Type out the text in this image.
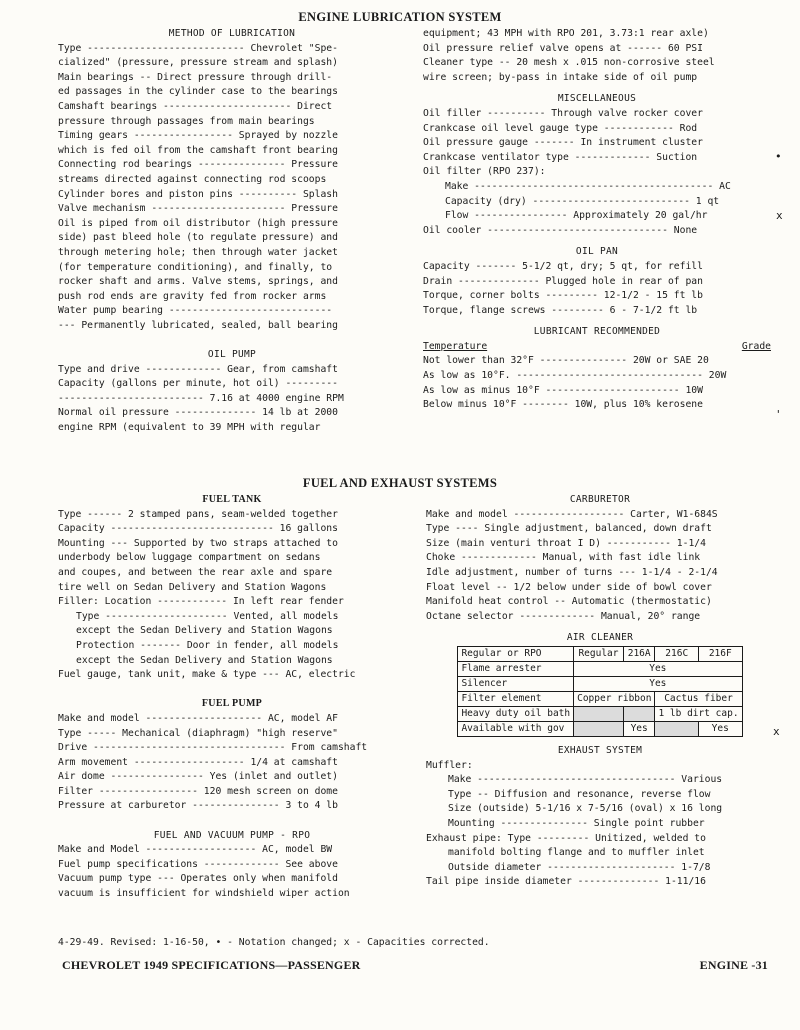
ENGINE LUBRICATION SYSTEM
METHOD OF LUBRICATION
Type --------------------------- Chevrolet "Spe-
cialized" (pressure, pressure stream and splash)
Main bearings -- Direct pressure through drill-
ed passages in the cylinder case to the bearings
Camshaft bearings ---------------------- Direct
pressure through passages from main bearings
Timing gears ----------------- Sprayed by nozzle
which is fed oil from the camshaft front bearing
Connecting rod bearings --------------- Pressure
streams directed against connecting rod scoops
Cylinder bores and piston pins ---------- Splash
Valve mechanism ----------------------- Pressure
Oil is piped from oil distributor (high pressure
side) past bleed hole (to regulate pressure) and
through metering hole; then through water jacket
(for temperature conditioning), and finally, to
rocker shaft and arms. Valve stems, springs, and
push rod ends are gravity fed from rocker arms
Water pump bearing ----------------------------
--- Permanently lubricated, sealed, ball bearing
OIL PUMP
Type and drive ------------- Gear, from camshaft
Capacity (gallons per minute, hot oil) ---------
------------------------- 7.16 at 4000 engine RPM
Normal oil pressure -------------- 14 lb at 2000
engine RPM (equivalent to 39 MPH with regular
equipment; 43 MPH with RPO 201, 3.73:1 rear axle)
Oil pressure relief valve opens at ------ 60 PSI
Cleaner type -- 20 mesh x .015 non-corrosive steel
wire screen; by-pass in intake side of oil pump
MISCELLANEOUS
Oil filler ---------- Through valve rocker cover
Crankcase oil level gauge type ------------ Rod
Oil pressure gauge ------- In instrument cluster
Crankcase ventilator type ------------- Suction
Oil filter (RPO 237):
Make ----------------------------------------- AC
Capacity (dry) --------------------------- 1 qt
Flow ---------------- Approximately 20 gal/hr
Oil cooler ------------------------------- None
OIL PAN
Capacity ------- 5-1/2 qt, dry; 5 qt, for refill
Drain -------------- Plugged hole in rear of pan
Torque, corner bolts --------- 12-1/2 - 15 ft lb
Torque, flange screws --------- 6 - 7-1/2 ft lb
LUBRICANT RECOMMENDED
Temperature	Grade
Not lower than 32°F --------------- 20W or SAE 20
As low as 10°F. -------------------------------- 20W
As low as minus 10°F ----------------------- 10W
Below minus 10°F -------- 10W, plus 10% kerosene
FUEL AND EXHAUST SYSTEMS
FUEL TANK
Type ------ 2 stamped pans, seam-welded together
Capacity ---------------------------- 16 gallons
Mounting --- Supported by two straps attached to
underbody below luggage compartment on sedans
and coupes, and between the rear axle and spare
tire well on Sedan Delivery and Station Wagons
Filler: Location ------------ In left rear fender
Type --------------------- Vented, all models
except the Sedan Delivery and Station Wagons
Protection ------- Door in fender, all models
except the Sedan Delivery and Station Wagons
Fuel gauge, tank unit, make & type --- AC, electric
FUEL PUMP
Make and model -------------------- AC, model AF
Type ----- Mechanical (diaphragm) "high reserve"
Drive --------------------------------- From camshaft
Arm movement ------------------- 1/4 at camshaft
Air dome ---------------- Yes (inlet and outlet)
Filter ----------------- 120 mesh screen on dome
Pressure at carburetor --------------- 3 to 4 lb
FUEL AND VACUUM PUMP - RPO
Make and Model ------------------- AC, model BW
Fuel pump specifications ------------- See above
Vacuum pump type --- Operates only when manifold
vacuum is insufficient for windshield wiper action
CARBURETOR
Make and model ------------------- Carter, W1-684S
Type ---- Single adjustment, balanced, down draft
Size (main venturi throat I D) ----------- 1-1/4
Choke ------------- Manual, with fast idle link
Idle adjustment, number of turns --- 1-1/4 - 2-1/4
Float level -- 1/2 below under side of bowl cover
Manifold heat control -- Automatic (thermostatic)
Octane selector ------------- Manual, 20° range
AIR CLEANER
Regular or RPO	Regular	216A	216C	216F
Flame arrester	Yes			
Silencer	Yes			
Filter element	Copper ribbon		Cactus fiber	
Heavy duty oil bath			1 lb dirt cap.	
Available with gov		Yes		Yes
EXHAUST SYSTEM
Muffler:
Make ---------------------------------- Various
Type -- Diffusion and resonance, reverse flow
Size (outside) 5-1/16 x 7-5/16 (oval) x 16 long
Mounting --------------- Single point rubber
Exhaust pipe: Type --------- Unitized, welded to
manifold bolting flange and to muffler inlet
Outside diameter ---------------------- 1-7/8
Tail pipe inside diameter -------------- 1-11/16
•
x
'
x
4-29-49. Revised: 1-16-50, • - Notation changed; x - Capacities corrected.
CHEVROLET 1949 SPECIFICATIONS—PASSENGER	ENGINE -31
